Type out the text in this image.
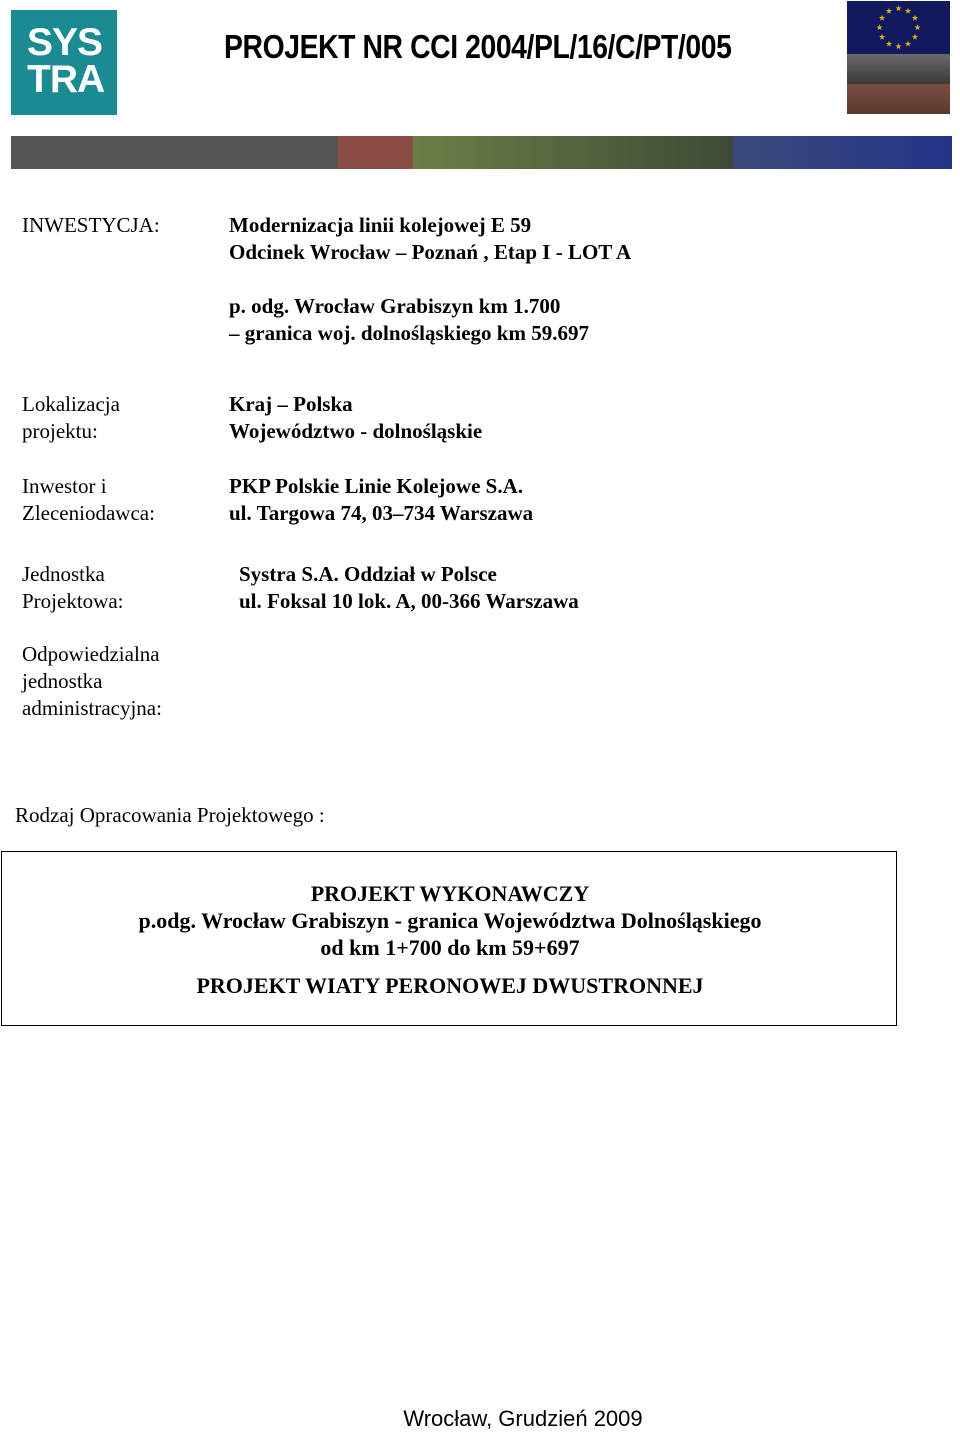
SYS
TRA
PROJEKT NR CCI 2004/PL/16/C/PT/005
INWESTYCJA:	Modernizacja linii kolejowej E 59
Odcinek Wrocław – Poznań , Etap I - LOT A
p. odg. Wrocław Grabiszyn km 1.700
– granica woj. dolnośląskiego km 59.697
Lokalizacja
projektu:
Kraj – Polska
Województwo - dolnośląskie
Inwestor i
Zleceniodawca:
PKP Polskie Linie Kolejowe S.A.
ul. Targowa 74, 03–734 Warszawa
Jednostka
Projektowa:
Systra S.A. Oddział w Polsce
ul. Foksal 10 lok. A, 00-366 Warszawa
Odpowiedzialna
jednostka
administracyjna:
Rodzaj Opracowania Projektowego :
PROJEKT WYKONAWCZY
p.odg. Wrocław Grabiszyn - granica Województwa Dolnośląskiego
od km 1+700 do km 59+697
PROJEKT WIATY PERONOWEJ DWUSTRONNEJ
Wrocław, Grudzień 2009
